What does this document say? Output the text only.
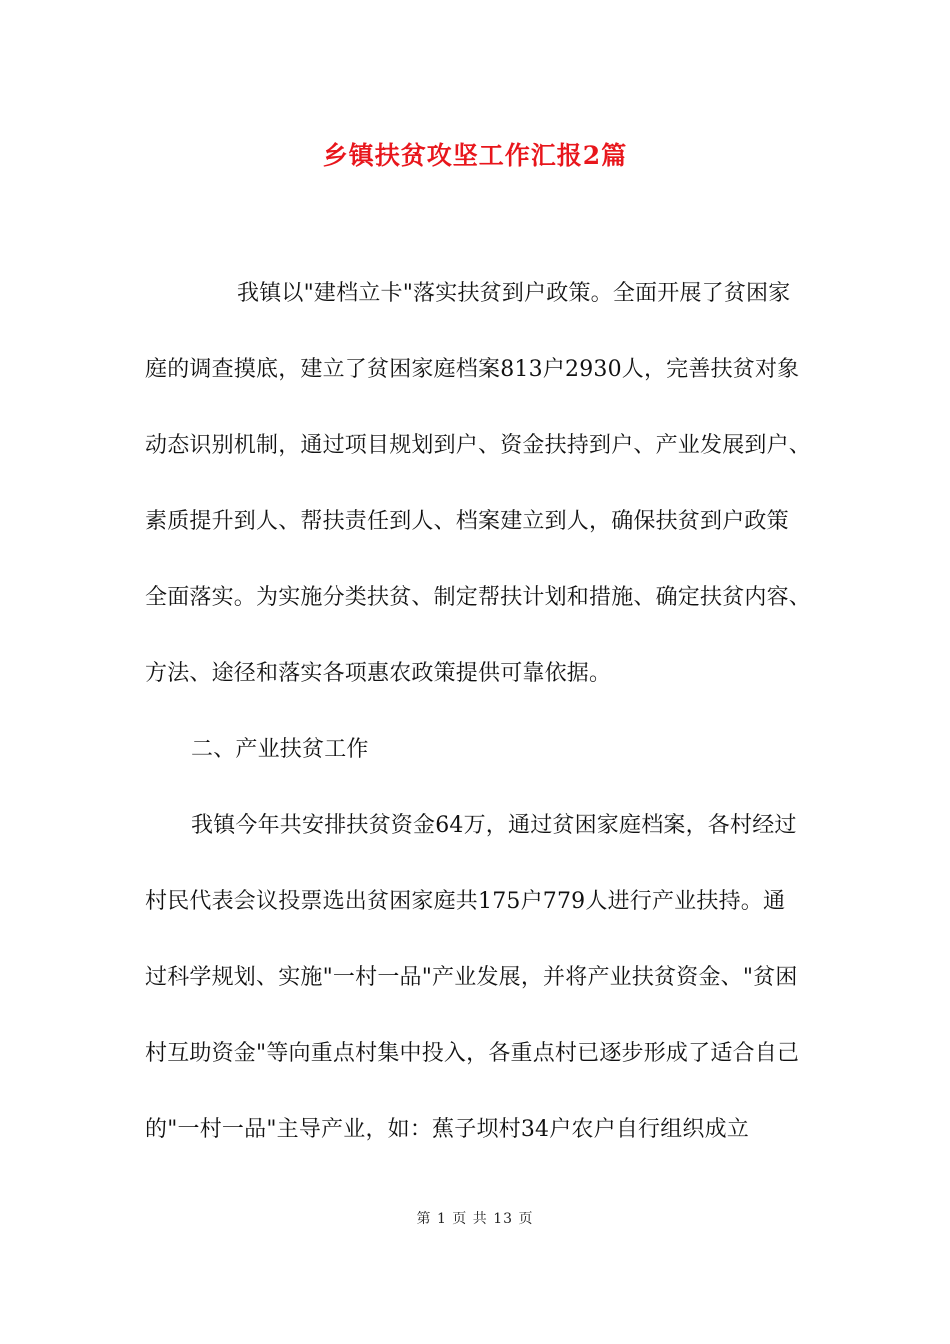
乡镇扶贫攻坚工作汇报2篇
我镇以"建档立卡"落实扶贫到户政策。全面开展了贫困家
庭的调查摸底，建立了贫困家庭档案813户2930人，完善扶贫对象
动态识别机制，通过项目规划到户、资金扶持到户、产业发展到户、
素质提升到人、帮扶责任到人、档案建立到人，确保扶贫到户政策
全面落实。为实施分类扶贫、制定帮扶计划和措施、确定扶贫内容、
方法、途径和落实各项惠农政策提供可靠依据。
二、产业扶贫工作
我镇今年共安排扶贫资金64万，通过贫困家庭档案，各村经过
村民代表会议投票选出贫困家庭共175户779人进行产业扶持。通
过科学规划、实施"一村一品"产业发展，并将产业扶贫资金、"贫困
村互助资金"等向重点村集中投入，各重点村已逐步形成了适合自己
的"一村一品"主导产业，如：蕉子坝村34户农户自行组织成立
第 1 页 共 13 页
